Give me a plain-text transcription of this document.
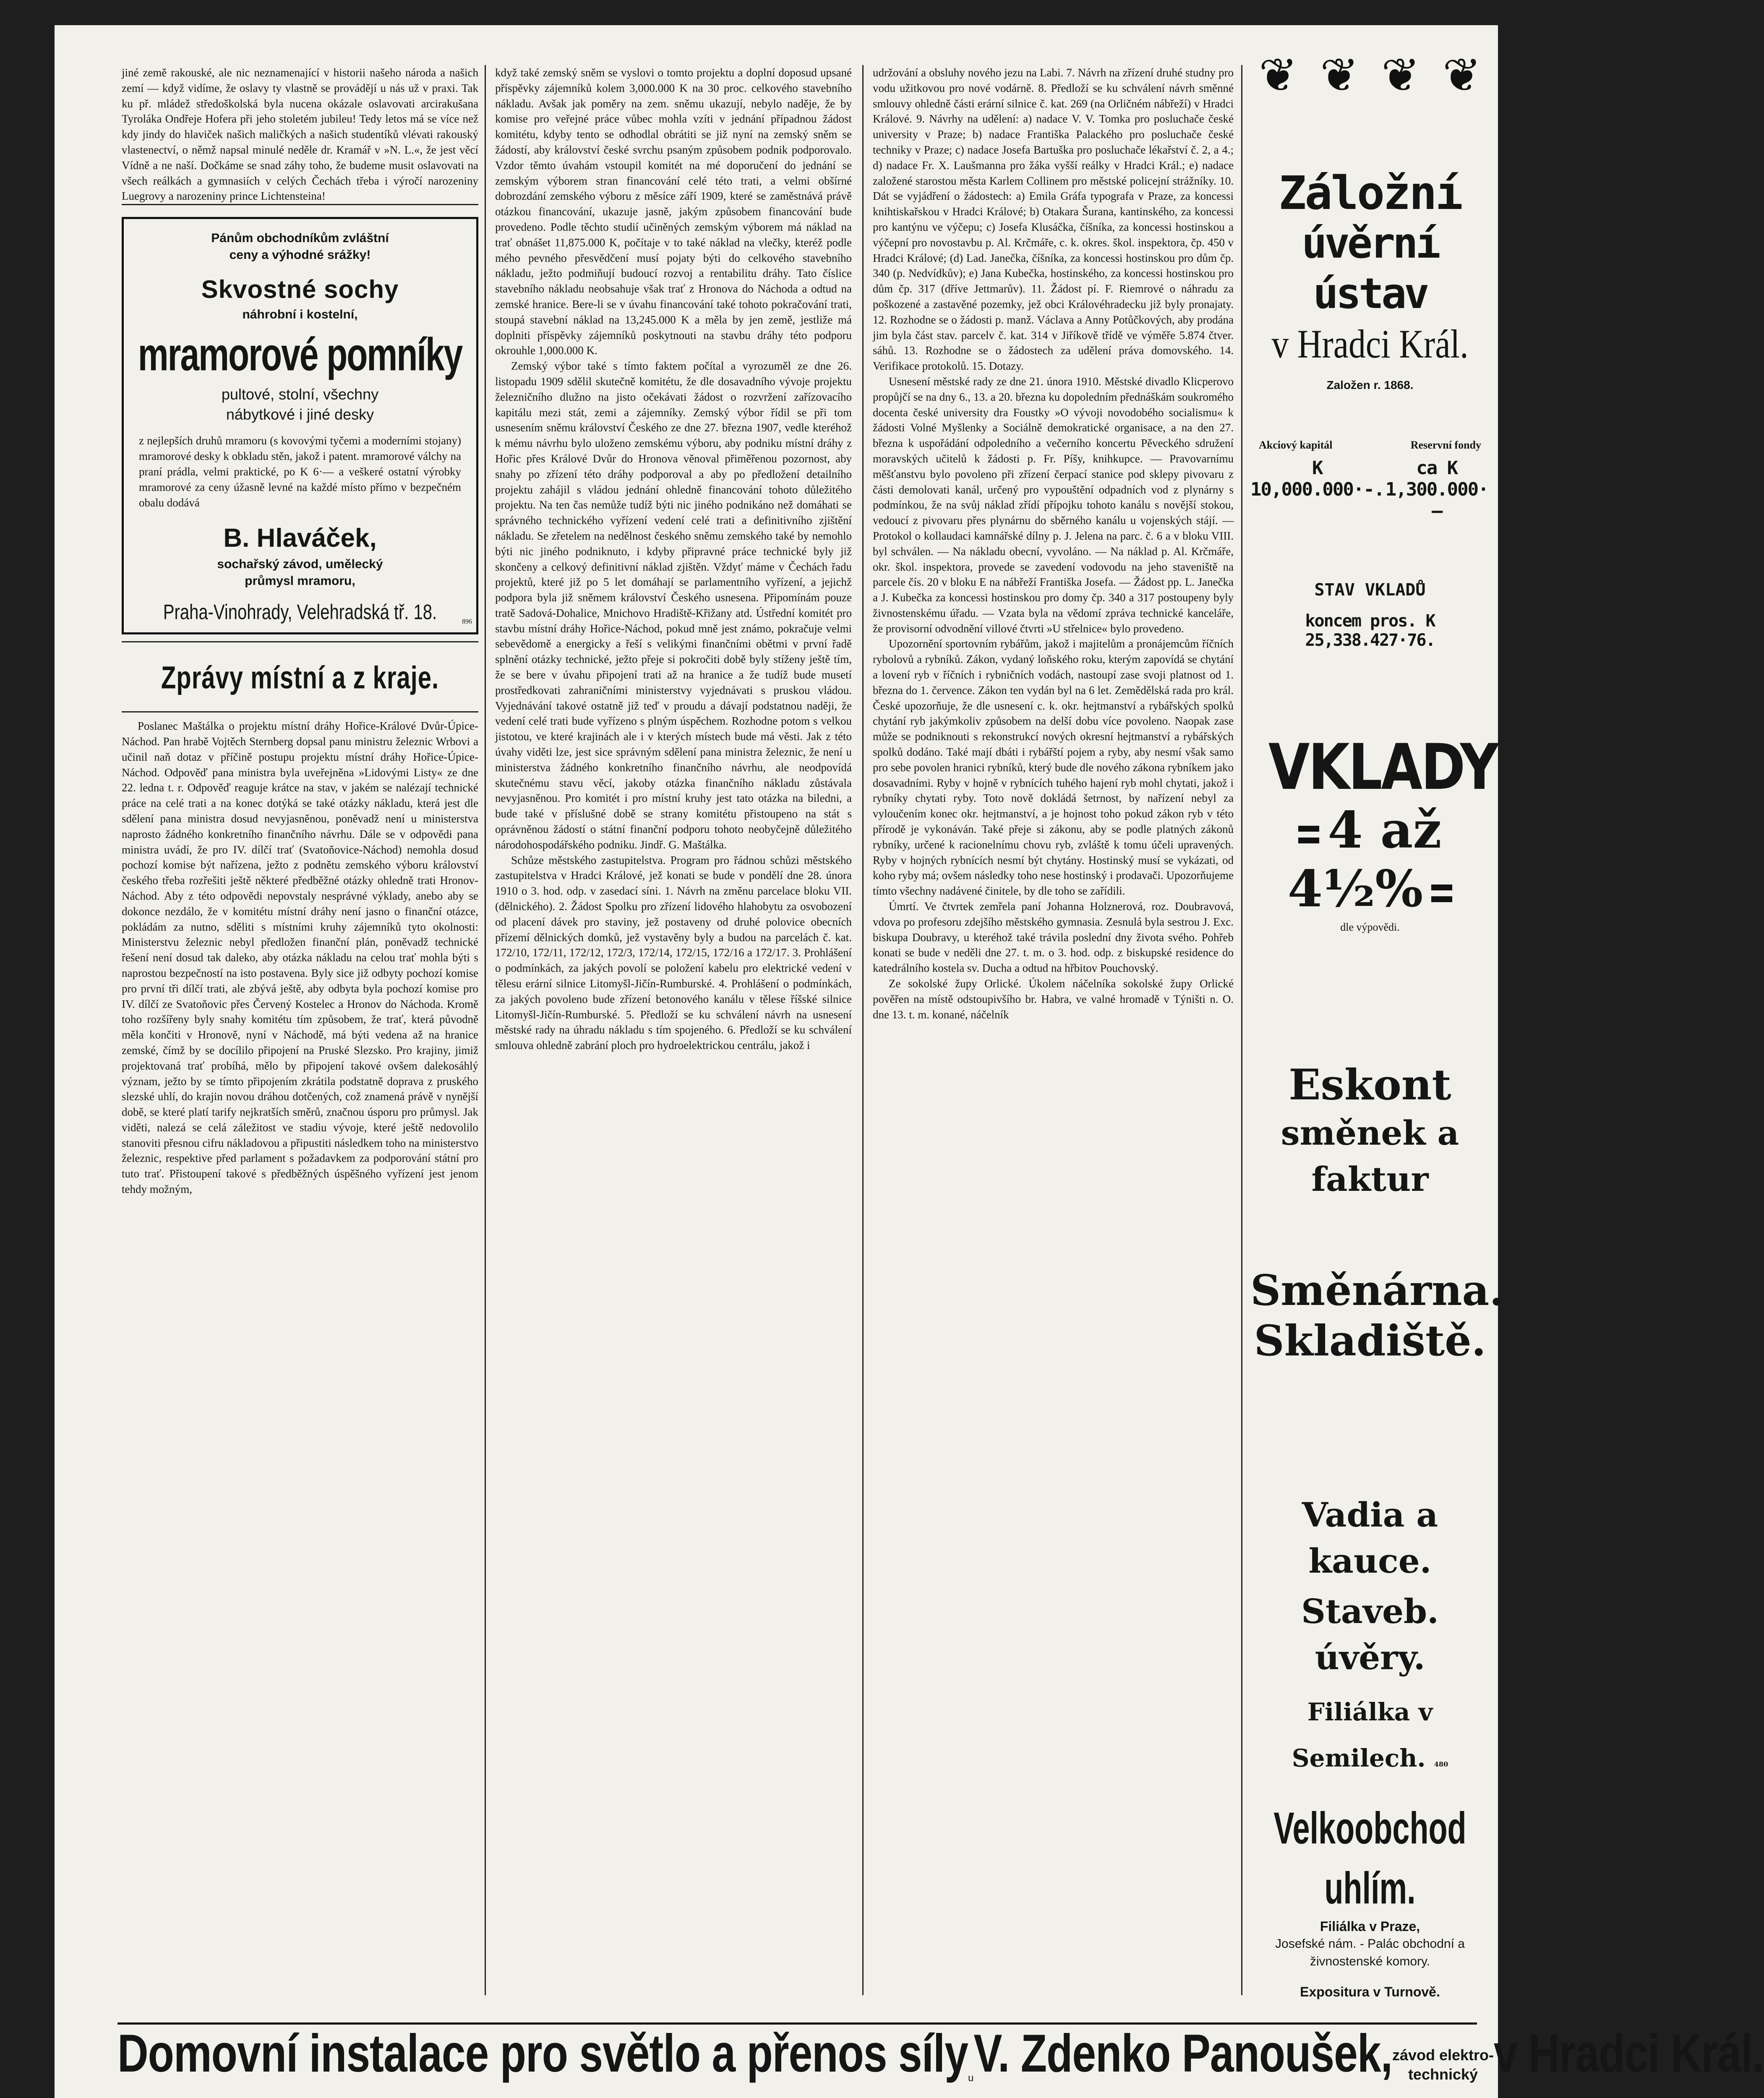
jiné země rakouské, ale nic neznamenající v historii našeho národa a našich zemí — když vidíme, že oslavy ty vlastně se provádějí u nás už v praxi. Tak ku př. mládež středoškolská byla nucena okázale oslavovati arcirakušana Tyroláka Ondřeje Hofera při jeho stoletém jubileu! Tedy letos má se více než kdy jindy do hlaviček našich maličkých a našich studentíků vlévati rakouský vlastenectví, o němž napsal minulé neděle dr. Kramář v »N. L.«, že jest věcí Vídně a ne naší. Dočkáme se snad záhy toho, že budeme musit oslavovati na všech reálkách a gymnasiích v celých Čechách třeba i výročí narozeniny Luegrovy a narozeniny prince Lichtensteina!

Pánům obchodníkům zvláštní
ceny a výhodné srážky!
Skvostné sochy
náhrobní i kostelní,
mramorové pomníky
pultové, stolní, všechny
nábytkové i jiné desky
z nejlepších druhů mramoru (s kovovými tyčemi a moderními stojany) mramorové desky k obkladu stěn, jakož i patent. mramorové válchy na praní prádla, velmi praktické, po K 6·— a veškeré ostatní výrobky mramorové za ceny úžasně levné na každé místo přímo v bezpečném obalu dodává
B. Hlaváček,
sochařský závod, umělecký
průmysl mramoru,
Praha-Vinohrady, Velehradská tř. 18.	896
Zprávy místní a z kraje.

Poslanec Maštálka o projektu místní dráhy Hořice-Králové Dvůr-Úpice-Náchod. Pan hrabě Vojtěch Sternberg dopsal panu ministru železnic Wrbovi a učinil naň dotaz v příčině postupu projektu místní dráhy Hořice-Úpice-Náchod. Odpověď pana ministra byla uveřejněna »Lidovými Listy« ze dne 22. ledna t. r. Odpověď reaguje krátce na stav, v jakém se nalézají technické práce na celé trati a na konec dotýká se také otázky nákladu, která jest dle sdělení pana ministra dosud nevyjasněnou, poněvadž není u ministerstva naprosto žádného konkretního finančního návrhu. Dále se v odpovědi pana ministra uvádí, že pro IV. dílčí trať (Svatoňovice-Náchod) nemohla dosud pochozí komise být nařízena, ježto z podnětu zemského výboru království českého třeba rozřešiti ještě některé předběžné otázky ohledně trati Hronov-Náchod. Aby z této odpovědi nepovstaly nesprávné výklady, anebo aby se dokonce nezdálo, že v komitétu místní dráhy není jasno o finanční otázce, pokládám za nutno, sděliti s místními kruhy zájemníků tyto okolnosti: Ministerstvu železnic nebyl předložen finanční plán, poněvadž technické řešení není dosud tak daleko, aby otázka nákladu na celou trať mohla býti s naprostou bezpečností na isto postavena. Byly sice již odbyty pochozí komise pro první tři dílčí trati, ale zbývá ještě, aby odbyta byla pochozí komise pro IV. dílčí ze Svatoňovic přes Červený Kostelec a Hronov do Náchoda. Kromě toho rozšířeny byly snahy komitétu tím způsobem, že trať, která původně měla končiti v Hronově, nyní v Náchodě, má býti vedena až na hranice zemské, čímž by se docílilo připojení na Pruské Slezsko. Pro krajiny, jimiž projektovaná trať probíhá, mělo by připojení takové ovšem dalekosáhlý význam, ježto by se tímto připojením zkrátila podstatně doprava z pruského slezské uhlí, do krajin novou dráhou dotčených, což znamená právě v nynější době, se které platí tarify nejkratších směrů, značnou úsporu pro průmysl. Jak viděti, nalezá se celá záležitost ve stadiu vývoje, které ještě nedovolilo stanoviti přesnou cifru nákladovou a připustiti následkem toho na ministerstvo železnic, respektive před parlament s požadavkem za podporování státní pro tuto trať. Přistoupení takové s předběžných úspěšného vyřízení jest jenom tehdy možným,

když také zemský sněm se vyslovi o tomto projektu a doplní doposud upsané příspěvky zájemníků kolem 3,000.000 K na 30 proc. celkového stavebního nákladu. Avšak jak poměry na zem. sněmu ukazují, nebylo naděje, že by komise pro veřejné práce vůbec mohla vzíti v jednání případnou žádost komitétu, kdyby tento se odhodlal obrátiti se již nyní na zemský sněm se žádostí, aby království české svrchu psaným způsobem podnik podporovalo. Vzdor těmto úvahám vstoupil komitét na mé doporučení do jednání se zemským výborem stran financování celé této trati, a velmi obšírné dobrozdání zemského výboru z měsíce září 1909, které se zaměstnává právě otázkou financování, ukazuje jasně, jakým způsobem financování bude provedeno. Podle těchto studií učiněných zemským výborem má náklad na trať obnášet 11,875.000 K, počítaje v to také náklad na vlečky, kteréž podle mého pevného přesvědčení musí pojaty býti do celkového stavebního nákladu, ježto podmiňují budoucí rozvoj a rentabilitu dráhy. Tato číslice stavebního nákladu neobsahuje však trať z Hronova do Náchoda a odtud na zemské hranice. Bere-li se v úvahu financování také tohoto pokračování trati, stoupá stavební náklad na 13,245.000 K a měla by jen země, jestliže má doplniti příspěvky zájemníků poskytnouti na stavbu dráhy této podporu okrouhle 1,000.000 K.

Zemský výbor také s tímto faktem počítal a vyrozuměl ze dne 26. listopadu 1909 sdělil skutečně komitétu, že dle dosavadního vývoje projektu železničního dlužno na jisto očekávati žádost o rozvržení zařízovacího kapitálu mezi stát, zemi a zájemníky. Zemský výbor řídil se při tom usnesením sněmu království Českého ze dne 27. března 1907, vedle kteréhož k mému návrhu bylo uloženo zemskému výboru, aby podniku místní dráhy z Hořic přes Králové Dvůr do Hronova věnoval přiměřenou pozornost, aby snahy po zřízení této dráhy podporoval a aby po předložení detailního projektu zahájil s vládou jednání ohledně financování tohoto důležitého projektu. Na ten čas nemůže tudíž býti nic jiného podnikáno než domáhati se správného technického vyřízení vedení celé trati a definitivního zjištění nákladu. Se zřetelem na nedělnost českého sněmu zemského také by nemohlo býti nic jiného podniknuto, i kdyby připravné práce technické byly již skončeny a celkový definitivní náklad zjištěn. Vždyť máme v Čechách řadu projektů, které již po 5 let domáhají se parlamentního vyřízení, a jejichž podpora byla již sněmem království Českého usnesena. Připomínám pouze tratě Sadová-Dohalice, Mnichovo Hradiště-Křižany atd. Ústřední komitét pro stavbu místní dráhy Hořice-Náchod, pokud mně jest známo, pokračuje velmi sebevědomě a energicky a řeší s velikými finančními obětmi v první řadě splnění otázky technické, ježto přeje si pokročiti době byly stíženy ještě tím, že se bere v úvahu připojení trati až na hranice a že tudíž bude musetí prostředkovati zahraničními ministerstvy vyjednávati s pruskou vládou. Vyjednávání takové ostatně již teď v proudu a dávají podstatnou naději, že vedení celé trati bude vyřízeno s plným úspěchem. Rozhodne potom s velkou jistotou, ve které krajinách ale i v kterých místech bude má věsti. Jak z této úvahy viděti lze, jest sice správným sdělení pana ministra železnic, že není u ministerstva žádného konkretního finančního návrhu, ale neodpovídá skutečnému stavu věcí, jakoby otázka finančního nákladu zůstávala nevyjasněnou. Pro komitét i pro místní kruhy jest tato otázka na biledni, a bude také v příslušné době se strany komitétu přistoupeno na stát s oprávněnou žádostí o státní finanční podporu tohoto neobyčejně důležitého národohospodářského podniku. Jindř. G. Maštálka.

Schůze městského zastupitelstva. Program pro řádnou schůzi městského zastupitelstva v Hradci Králové, jež konati se bude v pondělí dne 28. února 1910 o 3. hod. odp. v zasedací síni. 1. Návrh na změnu parcelace bloku VII. (dělnického). 2. Žádost Spolku pro zřízení lidového hlahobytu za osvobození od placení dávek pro staviny, jež postaveny od druhé polovice obecních přízemí dělnických domků, jež vystavěny byly a budou na parcelách č. kat. 172/10, 172/11, 172/12, 172/3, 172/14, 172/15, 172/16 a 172/17. 3. Prohlášení o podmínkách, za jakých povolí se položení kabelu pro elektrické vedení v tělesu erární silnice Litomyšl-Jičín-Rumburské. 4. Prohlášení o podmínkách, za jakých povoleno bude zřízení betonového kanálu v tělese říšské silnice Litomyšl-Jičín-Rumburské. 5. Předloží se ku schválení návrh na usnesení městské rady na úhradu nákladu s tím spojeného. 6. Předloží se ku schválení smlouva ohledně zabrání ploch pro hydroelektrickou centrálu, jakož i

udržování a obsluhy nového jezu na Labi. 7. Návrh na zřízení druhé studny pro vodu užitkovou pro nové vodárně. 8. Předloží se ku schválení návrh směnné smlouvy ohledně části erární silnice č. kat. 269 (na Orličném nábřeží) v Hradci Králové. 9. Návrhy na udělení: a) nadace V. V. Tomka pro posluchače české university v Praze; b) nadace Františka Palackého pro posluchače české techniky v Praze; c) nadace Josefa Bartuška pro posluchače lékařství č. 2, a 4.; d) nadace Fr. X. Laušmanna pro žáka vyšší reálky v Hradci Král.; e) nadace založené starostou města Karlem Collinem pro městské policejní strážníky. 10. Dát se vyjádření o žádostech: a) Emila Gráfa typografa v Praze, za koncessi knihtiskařskou v Hradci Králové; b) Otakara Šurana, kantinského, za koncessi pro kantýnu ve výčepu; c) Josefa Klusáčka, číšníka, za koncessi hostinskou a výčepní pro novostavbu p. Al. Krčmáře, c. k. okres. škol. inspektora, čp. 450 v Hradci Králové; (d) Lad. Janečka, číšníka, za koncessi hostinskou pro dům čp. 340 (p. Nedvídkův); e) Jana Kubečka, hostinského, za koncessi hostinskou pro dům čp. 317 (dříve Jettmarův). 11. Žádost pí. F. Riemrové o náhradu za poškozené a zastavěné pozemky, jež obci Královéhradecku již byly pronajaty. 12. Rozhodne se o žádosti p. manž. Václava a Anny Potůčkových, aby prodána jim byla část stav. parcelv č. kat. 314 v Jiříkově třídě ve výměře 5.874 čtver. sáhů. 13. Rozhodne se o žádostech za udělení práva domovského. 14. Verifikace protokolů. 15. Dotazy.

Usnesení městské rady ze dne 21. února 1910. Městské divadlo Klicperovo propůjčí se na dny 6., 13. a 20. března ku dopoledním přednáškám soukromého docenta české university dra Foustky »O vývoji novodobého socialismu« k žádosti Volné Myšlenky a Sociálně demokratické organisace, a na den 27. března k uspořádání odpoledního a večerního koncertu Pěveckého sdružení moravských učitelů k žádosti p. Fr. Píšy, knihkupce. — Pravovarnímu měšťanstvu bylo povoleno při zřízení čerpací stanice pod sklepy pivovaru z části demolovati kanál, určený pro vypouštění odpadních vod z plynárny s podmínkou, že na svůj náklad zřídí přípojku tohoto kanálu s novější stokou, vedoucí z pivovaru přes plynárnu do sběrného kanálu u vojenských stájí. — Protokol o kollaudaci kamnářské dílny p. J. Jelena na parc. č. 6 a v bloku VIII. byl schválen. — Na nákladu obecní, vyvoláno. — Na náklad p. Al. Krčmáře, okr. škol. inspektora, provede se zavedení vodovodu na jeho staveniště na parcele čís. 20 v bloku E na nábřeží Františka Josefa. — Žádost pp. L. Janečka a J. Kubečka za koncessi hostinskou pro domy čp. 340 a 317 postoupeny byly živnostenskému úřadu. — Vzata byla na vědomí zpráva technické kanceláře, že provisorní odvodnění villové čtvrti »U střelnice« bylo provedeno.

Upozornění sportovním rybářům, jakož i majitelům a pronájemcům říčních rybolovů a rybníků. Zákon, vydaný loňského roku, kterým zapovídá se chytání a lovení ryb v říčních i rybničních vodách, nastoupí zase svoji platnost od 1. března do 1. července. Zákon ten vydán byl na 6 let. Zemědělská rada pro král. České upozorňuje, že dle usnesení c. k. okr. hejtmanství a rybářských spolků chytání ryb jakýmkoliv způsobem na delší dobu více povoleno. Naopak zase může se podniknouti s rekonstrukcí nových okresní hejtmanství a rybářských spolků dodáno. Také mají dbáti i rybářští pojem a ryby, aby nesmí však samo pro sebe povolen hranici rybníků, který bude dle nového zákona rybníkem jako dosavadními. Ryby v hojně v rybnících tuhého hajení ryb mohl chytati, jakož i rybníky chytati ryby. Toto nově dokládá šetrnost, by nařízení nebyl za vyloučením konec okr. hejtmanství, a je hojnost toho pokud zákon ryb v této přírodě je vykonáván. Také přeje si zákonu, aby se podle platných zákonů rybníky, určené k racionelnímu chovu ryb, zvláště k tomu účeli upravených. Ryby v hojných rybnících nesmí být chytány. Hostinský musí se vykázati, od koho ryby má; ovšem následky toho nese hostinský i prodavači. Upozorňujeme tímto všechny nadávené činitele, by dle toho se zařídili.

Úmrtí. Ve čtvrtek zemřela paní Johanna Holznerová, roz. Doubravová, vdova po profesoru zdejšího městského gymnasia. Zesnulá byla sestrou J. Exc. biskupa Doubravy, u kteréhož také trávila poslední dny života svého. Pohřeb konati se bude v neděli dne 27. t. m. o 3. hod. odp. z biskupské residence do katedrálního kostela sv. Ducha a odtud na hřbitov Pouchovský.

Ze sokolské župy Orlické. Úkolem náčelníka sokolské župy Orlické pověřen na místě odstoupivšího br. Habra, ve valné hromadě v Týništi n. O. dne 13. t. m. konané, náčelník

❦ ❦ ❦ ❦
Záložní
úvěrní ústav
v Hradci Král.
Založen r. 1868.
Akciový kapitál	Reservní fondy
K 10,000.000·-.
ca K 1,300.000·—
STAV VKLADŮ
koncem pros. K 25,338.427·76.
VKLADY
4 až 4½%
dle výpovědi.
Eskont
směnek a faktur
Směnárna.
Skladiště.
Vadia a kauce.
Staveb. úvěry.
Filiálka v Semilech. 480
Velkoobchod uhlím.
Filiálka v Praze,
Josefské nám. - Palác obchodní a živnostenské komory.
Expositura v Turnově.
Domovní instalace pro světlo a přenos síly u V. Zdenko Panoušek, závod elektro-
technický v Hradci Král.
